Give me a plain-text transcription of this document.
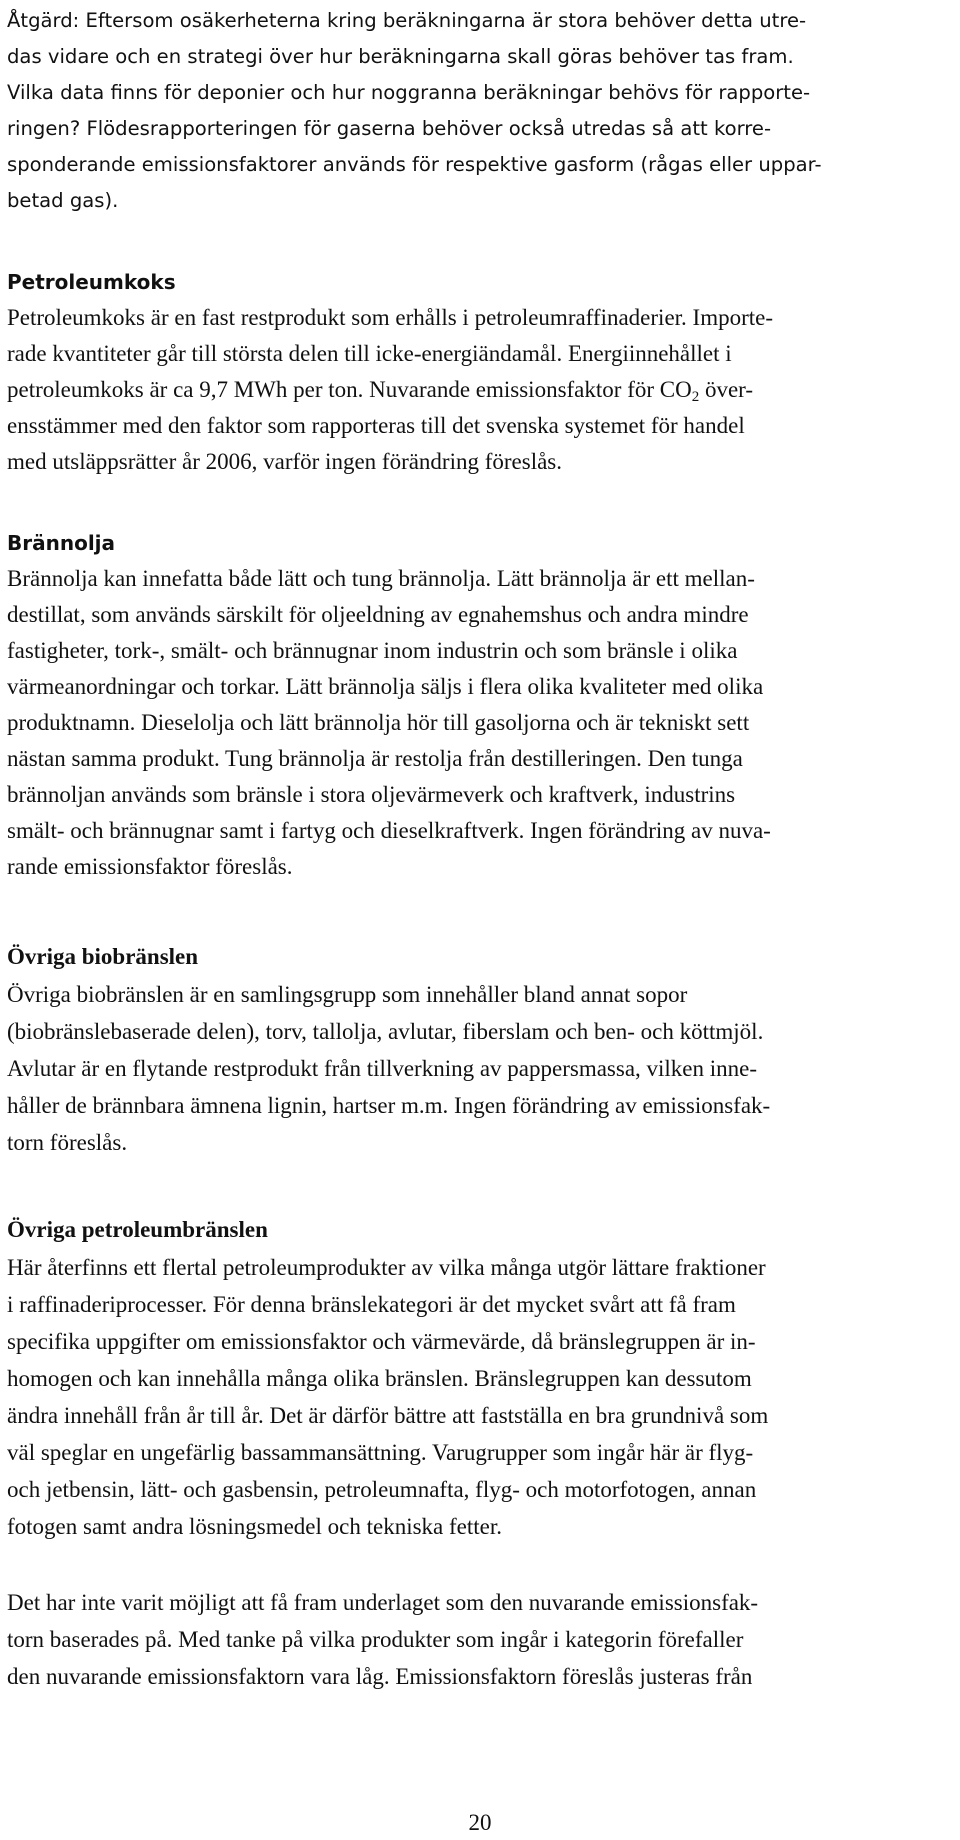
Åtgärd: Eftersom osäkerheterna kring beräkningarna är stora behöver detta utre-
das vidare och en strategi över hur beräkningarna skall göras behöver tas fram.
Vilka data finns för deponier och hur noggranna beräkningar behövs för rapporte-
ringen? Flödesrapporteringen för gaserna behöver också utredas så att korre-
sponderande emissionsfaktorer används för respektive gasform (rågas eller uppar-
betad gas).
Petroleumkoks
Petroleumkoks är en fast restprodukt som erhålls i petroleumraffinaderier. Importe-
rade kvantiteter går till största delen till icke-energiändamål. Energiinnehållet i
petroleumkoks är ca 9,7 MWh per ton. Nuvarande emissionsfaktor för $CO_2$ över-
ensstämmer med den faktor som rapporteras till det svenska systemet för handel
med utsläppsrätter år 2006, varför ingen förändring föreslås.
Brännolja
Brännolja kan innefatta både lätt och tung brännolja. Lätt brännolja är ett mellan-
destillat, som används särskilt för oljeeldning av egnahemshus och andra mindre
fastigheter, tork-, smält- och brännugnar inom industrin och som bränsle i olika
värmeanordningar och torkar. Lätt brännolja säljs i flera olika kvaliteter med olika
produktnamn. Dieselolja och lätt brännolja hör till gasoljorna och är tekniskt sett
nästan samma produkt. Tung brännolja är restolja från destilleringen. Den tunga
brännoljan används som bränsle i stora oljevärmeverk och kraftverk, industrins
smält- och brännugnar samt i fartyg och dieselkraftverk. Ingen förändring av nuva-
rande emissionsfaktor föreslås.
Övriga biobränslen
Övriga biobränslen är en samlingsgrupp som innehåller bland annat sopor
(biobränslebaserade delen), torv, tallolja, avlutar, fiberslam och ben- och köttmjöl.
Avlutar är en flytande restprodukt från tillverkning av pappersmassa, vilken inne-
håller de brännbara ämnena lignin, hartser m.m. Ingen förändring av emissionsfak-
torn föreslås.
Övriga petroleumbränslen
Här återfinns ett flertal petroleumprodukter av vilka många utgör lättare fraktioner
i raffinaderiprocesser. För denna bränslekategori är det mycket svårt att få fram
specifika uppgifter om emissionsfaktor och värmevärde, då bränslegruppen är in-
homogen och kan innehålla många olika bränslen. Bränslegruppen kan dessutom
ändra innehåll från år till år. Det är därför bättre att fastställa en bra grundnivå som
väl speglar en ungefärlig bassammansättning. Varugrupper som ingår här är flyg-
och jetbensin, lätt- och gasbensin, petroleumnafta, flyg- och motorfotogen, annan
fotogen samt andra lösningsmedel och tekniska fetter.
Det har inte varit möjligt att få fram underlaget som den nuvarande emissionsfak-
torn baserades på. Med tanke på vilka produkter som ingår i kategorin förefaller
den nuvarande emissionsfaktorn vara låg. Emissionsfaktorn föreslås justeras från
20
